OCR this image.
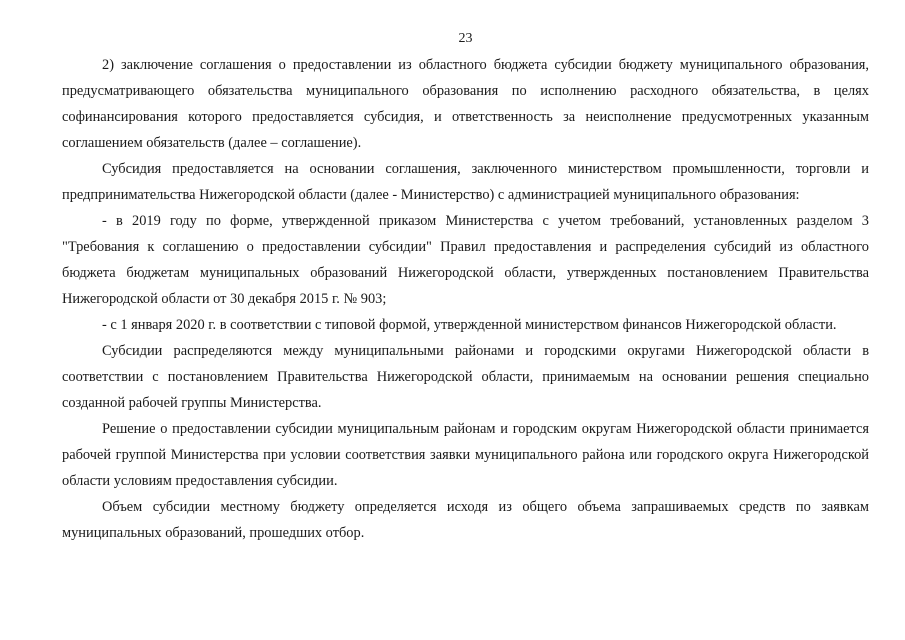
23

2) заключение соглашения о предоставлении из областного бюджета субсидии бюджету муниципального образования, предусматривающего обязательства муниципального образования по исполнению расходного обязательства, в целях софинансирования которого предоставляется субсидия, и ответственность за неисполнение предусмотренных указанным соглашением обязательств (далее – соглашение).

Субсидия предоставляется на основании соглашения, заключенного министерством промышленности, торговли и предпринимательства Нижегородской области (далее - Министерство) с администрацией муниципального образования:

- в 2019 году по форме, утвержденной приказом Министерства с учетом требований, установленных разделом 3 "Требования к соглашению о предоставлении субсидии" Правил предоставления и распределения субсидий из областного бюджета бюджетам муниципальных образований Нижегородской области, утвержденных постановлением Правительства Нижегородской области от 30 декабря 2015 г. № 903;

- с 1 января 2020 г. в соответствии с типовой формой, утвержденной министерством финансов Нижегородской области.

Субсидии распределяются между муниципальными районами и городскими округами Нижегородской области в соответствии с постановлением Правительства Нижегородской области, принимаемым на основании решения специально созданной рабочей группы Министерства.

Решение о предоставлении субсидии муниципальным районам и городским округам Нижегородской области принимается рабочей группой Министерства при условии соответствия заявки муниципального района или городского округа Нижегородской области условиям предоставления субсидии.

Объем субсидии местному бюджету определяется исходя из общего объема запрашиваемых средств по заявкам муниципальных образований, прошедших отбор.
